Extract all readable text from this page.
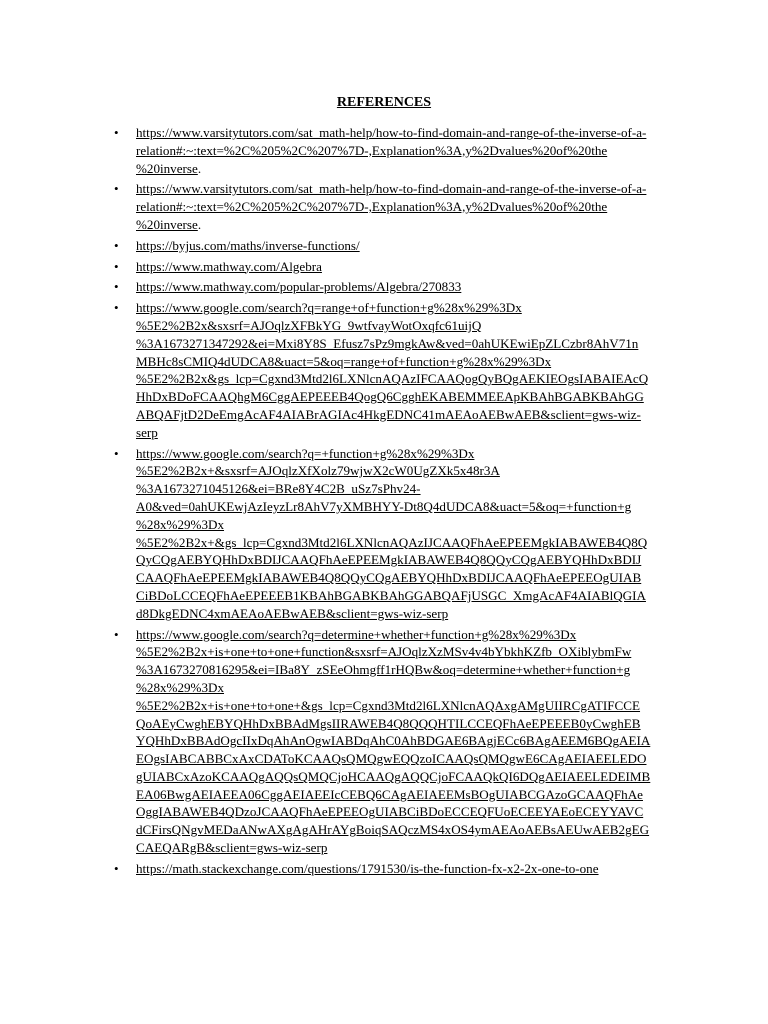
REFERENCES
• https://www.varsitytutors.com/sat_math-help/how-to-find-domain-and-range-of-the-inverse-of-a-
relation#:~:text=%2C%205%2C%207%7D-,Explanation%3A,y%2Dvalues%20of%20the
%20inverse.
• https://www.varsitytutors.com/sat_math-help/how-to-find-domain-and-range-of-the-inverse-of-a-
relation#:~:text=%2C%205%2C%207%7D-,Explanation%3A,y%2Dvalues%20of%20the
%20inverse.
• https://byjus.com/maths/inverse-functions/
• https://www.mathway.com/Algebra
• https://www.mathway.com/popular-problems/Algebra/270833
• https://www.google.com/search?q=range+of+function+g%28x%29%3Dx
%5E2%2B2x&sxsrf=AJOqlzXFBkYG_9wtfvayWotOxqfc61uijQ
%3A1673271347292&ei=Mxi8Y8S_Efusz7sPz9mgkAw&ved=0ahUKEwiEpZLCzbr8AhV71n
MBHc8sCMIQ4dUDCA8&uact=5&oq=range+of+function+g%28x%29%3Dx
%5E2%2B2x&gs_lcp=Cgxnd3Mtd2l6LXNlcnAQAzIFCAAQogQyBQgAEKIEOgsIABAIEAcQ
HhDxBDoFCAAQhgM6CggAEPEEEB4QogQ6CgghEKABEMMEEApKBAhBGABKBAhGG
ABQAFjtD2DeEmgAcAF4AIABrAGIAc4HkgEDNC41mAEAoAEBwAEB&sclient=gws-wiz-
serp
• https://www.google.com/search?q=+function+g%28x%29%3Dx
%5E2%2B2x+&sxsrf=AJOqlzXfXolz79wjwX2cW0UgZXk5x48r3A
%3A1673271045126&ei=BRe8Y4C2B_uSz7sPhv24-
A0&ved=0ahUKEwjAzIeyzLr8AhV7yXMBHYY-Dt8Q4dUDCA8&uact=5&oq=+function+g
%28x%29%3Dx
%5E2%2B2x+&gs_lcp=Cgxnd3Mtd2l6LXNlcnAQAzIJCAAQFhAeEPEEMgkIABAWEB4Q8Q
QyCQgAEBYQHhDxBDIJCAAQFhAeEPEEMgkIABAWEB4Q8QQyCQgAEBYQHhDxBDIJ
CAAQFhAeEPEEMgkIABAWEB4Q8QQyCQgAEBYQHhDxBDIJCAAQFhAeEPEEOgUIAB
CiBDoLCCEQFhAeEPEEEB1KBAhBGABKBAhGGABQAFjUSGC_XmgAcAF4AIABlQGIA
d8DkgEDNC4xmAEAoAEBwAEB&sclient=gws-wiz-serp
• https://www.google.com/search?q=determine+whether+function+g%28x%29%3Dx
%5E2%2B2x+is+one+to+one+function&sxsrf=AJOqlzXzMSv4v4bYbkhKZfb_OXiblybmFw
%3A1673270816295&ei=IBa8Y_zSEeOhmgff1rHQBw&oq=determine+whether+function+g
%28x%29%3Dx
%5E2%2B2x+is+one+to+one+&gs_lcp=Cgxnd3Mtd2l6LXNlcnAQAxgAMgUIIRCgATIFCCE
QoAEyCwghEBYQHhDxBBAdMgsIIRAWEB4Q8QQQHTILCCEQFhAeEPEEEB0yCwghEB
YQHhDxBBAdOgcIIxDqAhAnOgwIABDqAhC0AhBDGAE6BAgjECc6BAgAEEM6BQgAEIA
EOgsIABCABBCxAxCDAToKCAAQsQMQgwEQQzoICAAQsQMQgwE6CAgAEIAEELEDO
gUIABCxAzoKCAAQgAQQsQMQCjoHCAAQgAQQCjoFCAAQkQI6DQgAEIAEELEDEIMB
EA06BwgAEIAEEA06CggAEIAEEIcCEBQ6CAgAEIAEEMsBOgUIABCGAzoGCAAQFhAe
OggIABAWEB4QDzoJCAAQFhAeEPEEOgUIABCiBDoECCEQFUoECEEYAEoECEYYAVC
dCFirsQNgvMEDaANwAXgAgAHrAYgBoiqSAQczMS4xOS4ymAEAoAEBsAEUwAEB2gEG
CAEQARgB&sclient=gws-wiz-serp
• https://math.stackexchange.com/questions/1791530/is-the-function-fx-x2-2x-one-to-one
